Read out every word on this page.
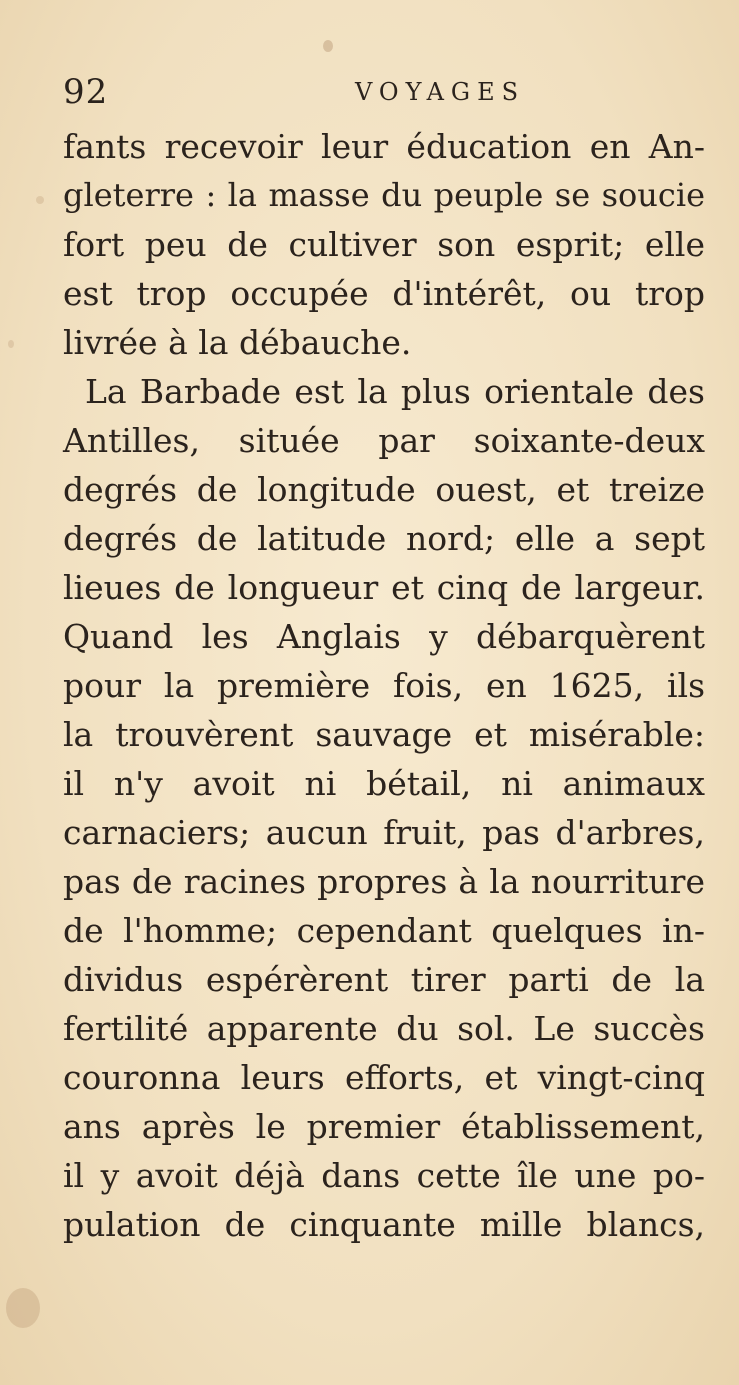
92	VOYAGES
fants recevoir leur éducation en An-
gleterre : la masse du peuple se soucie
fort peu de cultiver son esprit; elle
est trop occupée d'intérêt, ou trop
livrée à la débauche.
La Barbade est la plus orientale des
Antilles, située par soixante-deux
degrés de longitude ouest, et treize
degrés de latitude nord; elle a sept
lieues de longueur et cinq de largeur.
Quand les Anglais y débarquèrent
pour la première fois, en 1625, ils
la trouvèrent sauvage et misérable:
il n'y avoit ni bétail, ni animaux
carnaciers; aucun fruit, pas d'arbres,
pas de racines propres à la nourriture
de l'homme; cependant quelques in-
dividus espérèrent tirer parti de la
fertilité apparente du sol. Le succès
couronna leurs efforts, et vingt-cinq
ans après le premier établissement,
il y avoit déjà dans cette île une po-
pulation de cinquante mille blancs,
